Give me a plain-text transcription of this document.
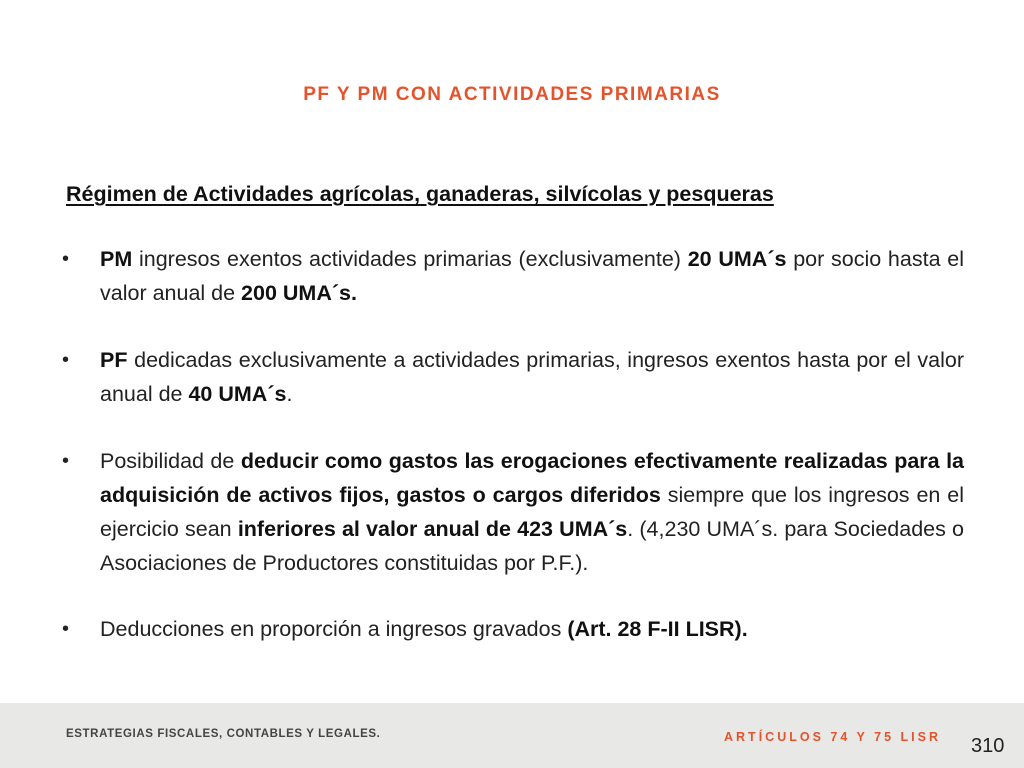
PF Y PM CON ACTIVIDADES PRIMARIAS
Régimen de Actividades agrícolas, ganaderas, silvícolas y pesqueras
• PM ingresos exentos actividades primarias (exclusivamente) 20 UMA´s por socio hasta el valor anual de 200 UMA´s.
• PF dedicadas exclusivamente a actividades primarias, ingresos exentos hasta por el valor anual de 40 UMA´s.
• Posibilidad de deducir como gastos las erogaciones efectivamente realizadas para la adquisición de activos fijos, gastos o cargos diferidos siempre que los ingresos en el ejercicio sean inferiores al valor anual de 423 UMA´s. (4,230 UMA´s. para Sociedades o Asociaciones de Productores constituidas por P.F.).
• Deducciones en proporción a ingresos gravados (Art. 28 F-II LISR).
ESTRATEGIAS FISCALES, CONTABLES Y LEGALES.	ARTÍCULOS 74 Y 75 LISR 310
